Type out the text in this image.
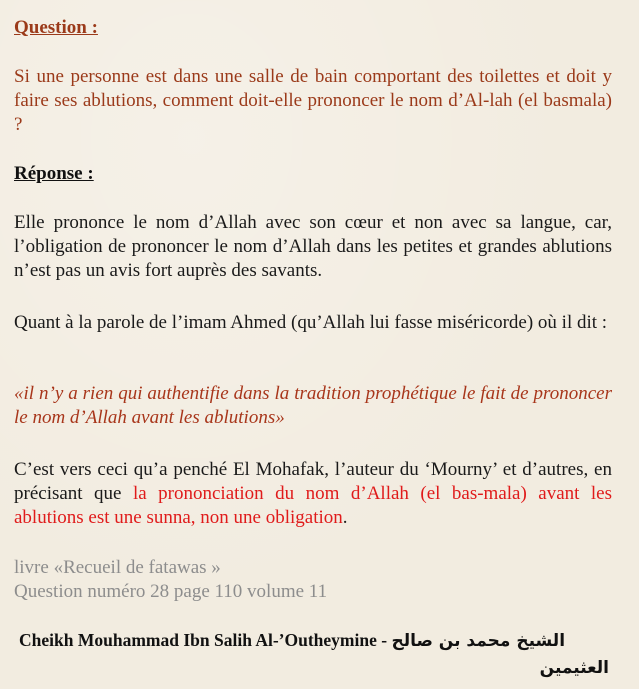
Question :

Si une personne est dans une salle de bain comportant des toilettes et doit y faire ses ablutions, comment doit-elle prononcer le nom d’Al-lah (el basmala) ?

Réponse :

Elle prononce le nom d’Allah avec son cœur et non avec sa langue, car, l’obligation de prononcer le nom d’Allah dans les petites et grandes ablutions n’est pas un avis fort auprès des savants.

Quant à la parole de l’imam Ahmed (qu’Allah lui fasse miséricorde) où il dit :

«il n’y a rien qui authentifie dans la tradition prophétique le fait de prononcer le nom d’Allah avant les ablutions»

C’est vers ceci qu’a penché El Mohafak, l’auteur du ‘Mourny’ et d’autres, en précisant que la prononciation du nom d’Allah (el bas-mala) avant les ablutions est une sunna, non une obligation.

livre «Recueil de fatawas »
Question numéro 28 page 110 volume 11

Cheikh Mouhammad Ibn Salih Al-’Outheymine - الشيخ محمد بن صالح
العثيمين
